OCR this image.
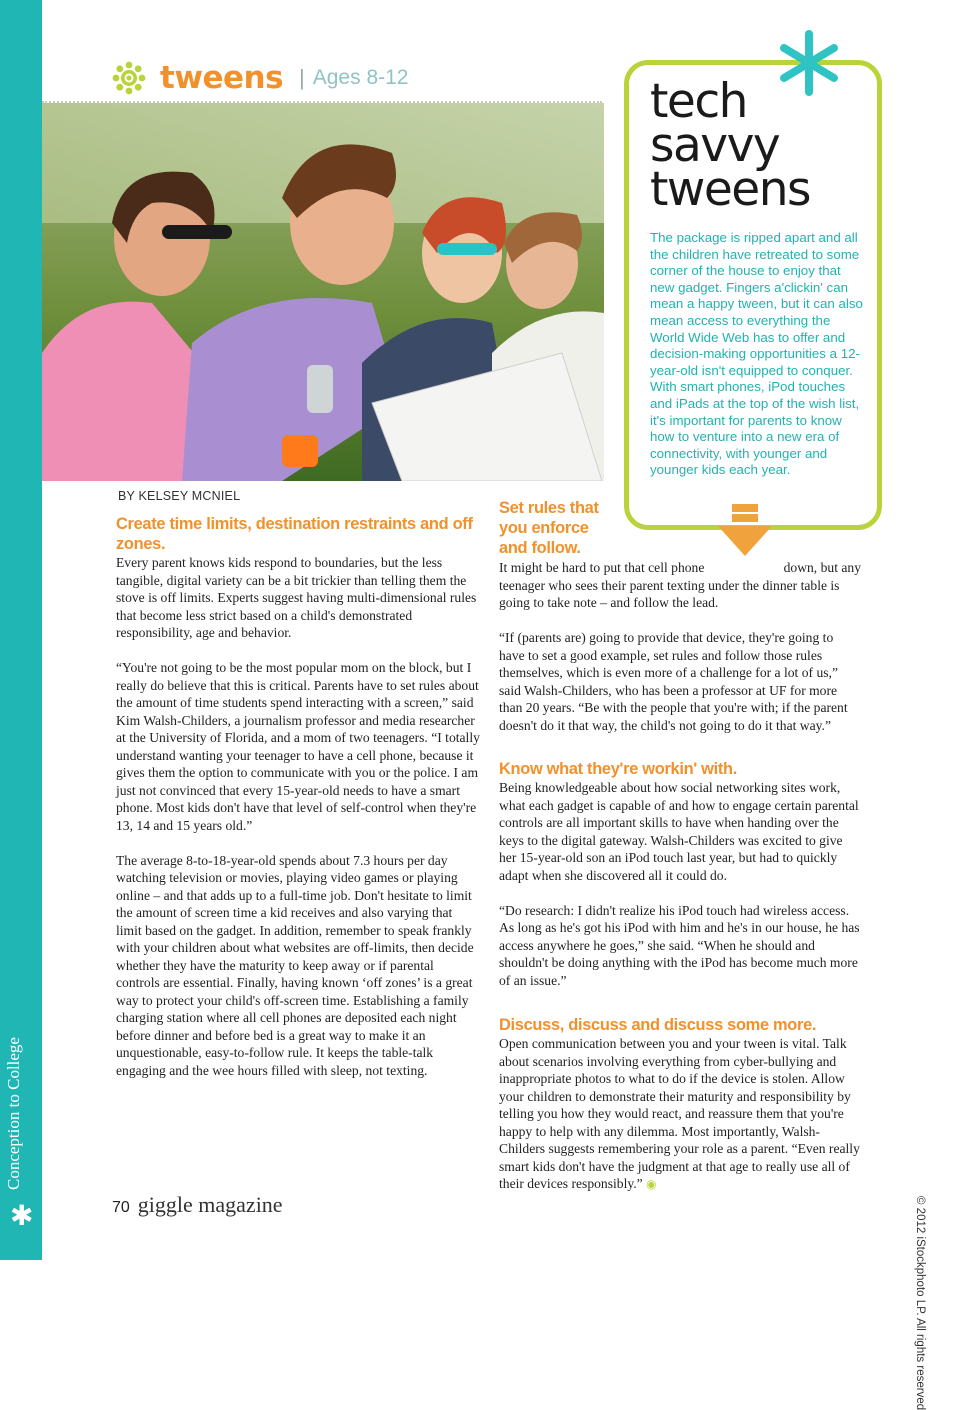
Conception to College
✱
tweens | Ages 8-12	tech
savvy
tweens
The package is ripped apart and all the children have retreated to some corner of the house to enjoy that new gadget. Fingers a'clickin' can mean a happy tween, but it can also mean access to everything the World Wide Web has to offer and decision-making opportunities a 12-year-old isn't equipped to conquer. With smart phones, iPod touches and iPads at the top of the wish list, it's important for parents to know how to venture into a new era of connectivity, with younger and younger kids each year.
BY KELSEY MCNIEL
Create time limits, destination restraints and off zones.

Every parent knows kids respond to boundaries, but the less tangible, digital variety can be a bit trickier than telling them the stove is off limits. Experts suggest having multi-dimensional rules that become less strict based on a child's demonstrated responsibility, age and behavior.

“You're not going to be the most popular mom on the block, but I really do believe that this is critical. Parents have to set rules about the amount of time students spend interacting with a screen,” said Kim Walsh-Childers, a journalism professor and media researcher at the University of Florida, and a mom of two teenagers. “I totally understand wanting your teenager to have a cell phone, because it gives them the option to communicate with you or the police. I am just not convinced that every 15-year-old needs to have a smart phone. Most kids don't have that level of self-control when they're 13, 14 and 15 years old.”

The average 8-to-18-year-old spends about 7.3 hours per day watching television or movies, playing video games or playing online – and that adds up to a full-time job. Don't hesitate to limit the amount of screen time a kid receives and also varying that limit based on the gadget. In addition, remember to speak frankly with your children about what websites are off-limits, then decide whether they have the maturity to keep away or if parental controls are essential. Finally, having known ‘off zones’ is a great way to protect your child's off-screen time. Establishing a family charging station where all cell phones are deposited each night before dinner and before bed is a great way to make it an unquestionable, easy-to-follow rule. It keeps the table-talk engaging and the wee hours filled with sleep, not texting.

Set rules that you enforce and follow.
It might be hard to put that cell phone	down, but any

teenager who sees their parent texting under the dinner table is going to take note – and follow the lead.

“If (parents are) going to provide that device, they're going to have to set a good example, set rules and follow those rules themselves, which is even more of a challenge for a lot of us,” said Walsh-Childers, who has been a professor at UF for more than 20 years. “Be with the people that you're with; if the parent doesn't do it that way, the child's not going to do it that way.”

Know what they're workin' with.

Being knowledgeable about how social networking sites work, what each gadget is capable of and how to engage certain parental controls are all important skills to have when handing over the keys to the digital gateway. Walsh-Childers was excited to give her 15-year-old son an iPod touch last year, but had to quickly adapt when she discovered all it could do.

“Do research: I didn't realize his iPod touch had wireless access. As long as he's got his iPod with him and he's in our house, he has access anywhere he goes,” she said. “When he should and shouldn't be doing anything with the iPod has become much more of an issue.”

Discuss, discuss and discuss some more.

Open communication between you and your tween is vital. Talk about scenarios involving everything from cyber-bullying and inappropriate photos to what to do if the device is stolen. Allow your children to demonstrate their maturity and responsibility by telling you how they would react, and reassure them that you're happy to help with any dilemma. Most importantly, Walsh-Childers suggests remembering your role as a parent. “Even really smart kids don't have the judgment at that age to really use all of their devices responsibly.” ◉

© 2012 iStockphoto LP. All rights reserved
70 giggle magazine
